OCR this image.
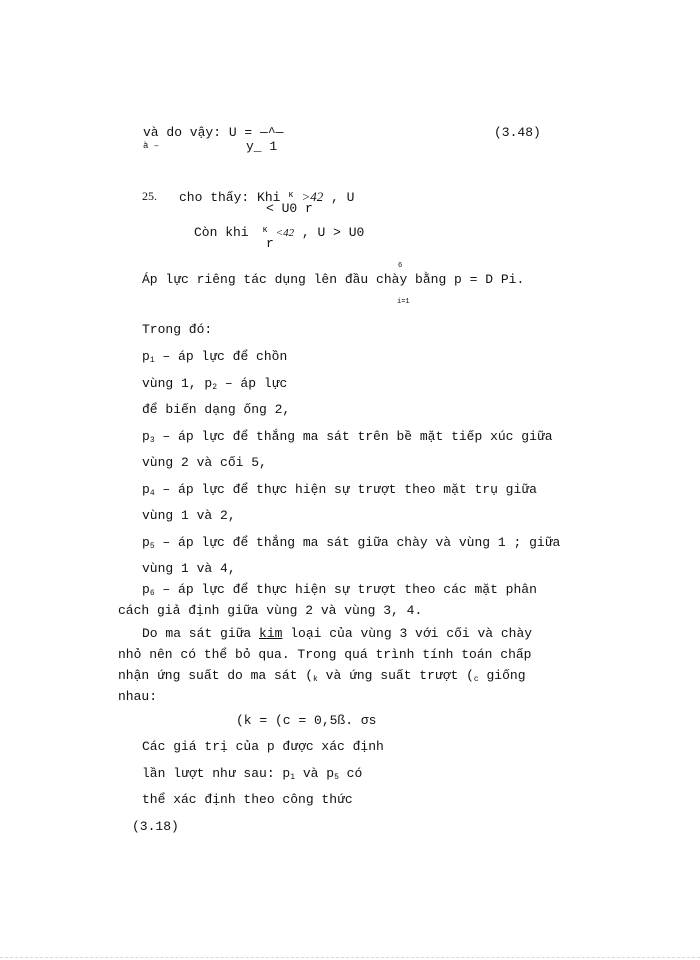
và do vậy: U = —^—	(3.48)
à –	y_ 1
25. cho thấy: Khi $^ĸ$ >42 , U
< U0 r
Còn khi $^ĸ$ <42 , U > U0
r
6
Áp lực riêng tác dụng lên đầu chày bằng p = D Pi.
i=1
Trong đó:
$p_1$ – áp lực để chồn
vùng 1, $p_2$ – áp lực
để biến dạng ống 2,
$p_3$ – áp lực để thắng ma sát trên bề mặt tiếp xúc giữa
vùng 2 và cối 5,
$p_4$ – áp lực để thực hiện sự trượt theo mặt trụ giữa
vùng 1 và 2,
$p_5$ – áp lực để thắng ma sát giữa chày và vùng 1 ; giữa
vùng 1 và 4,
$p_6$ – áp lực để thực hiện sự trượt theo các mặt phân
cách giả định giữa vùng 2 và vùng 3, 4.
Do ma sát giữa kim loại của vùng 3 với cối và chày
nhỏ nên có thể bỏ qua. Trong quá trình tính toán chấp
nhận ứng suất do ma sát ($_k$ và ứng suất trượt ($_c$ giống
nhau:
(k = (c = 0,5ß. σs
Các giá trị của p được xác định
lần lượt như sau: $p_1$ và $p_5$ có
thể xác định theo công thức
(3.18)
